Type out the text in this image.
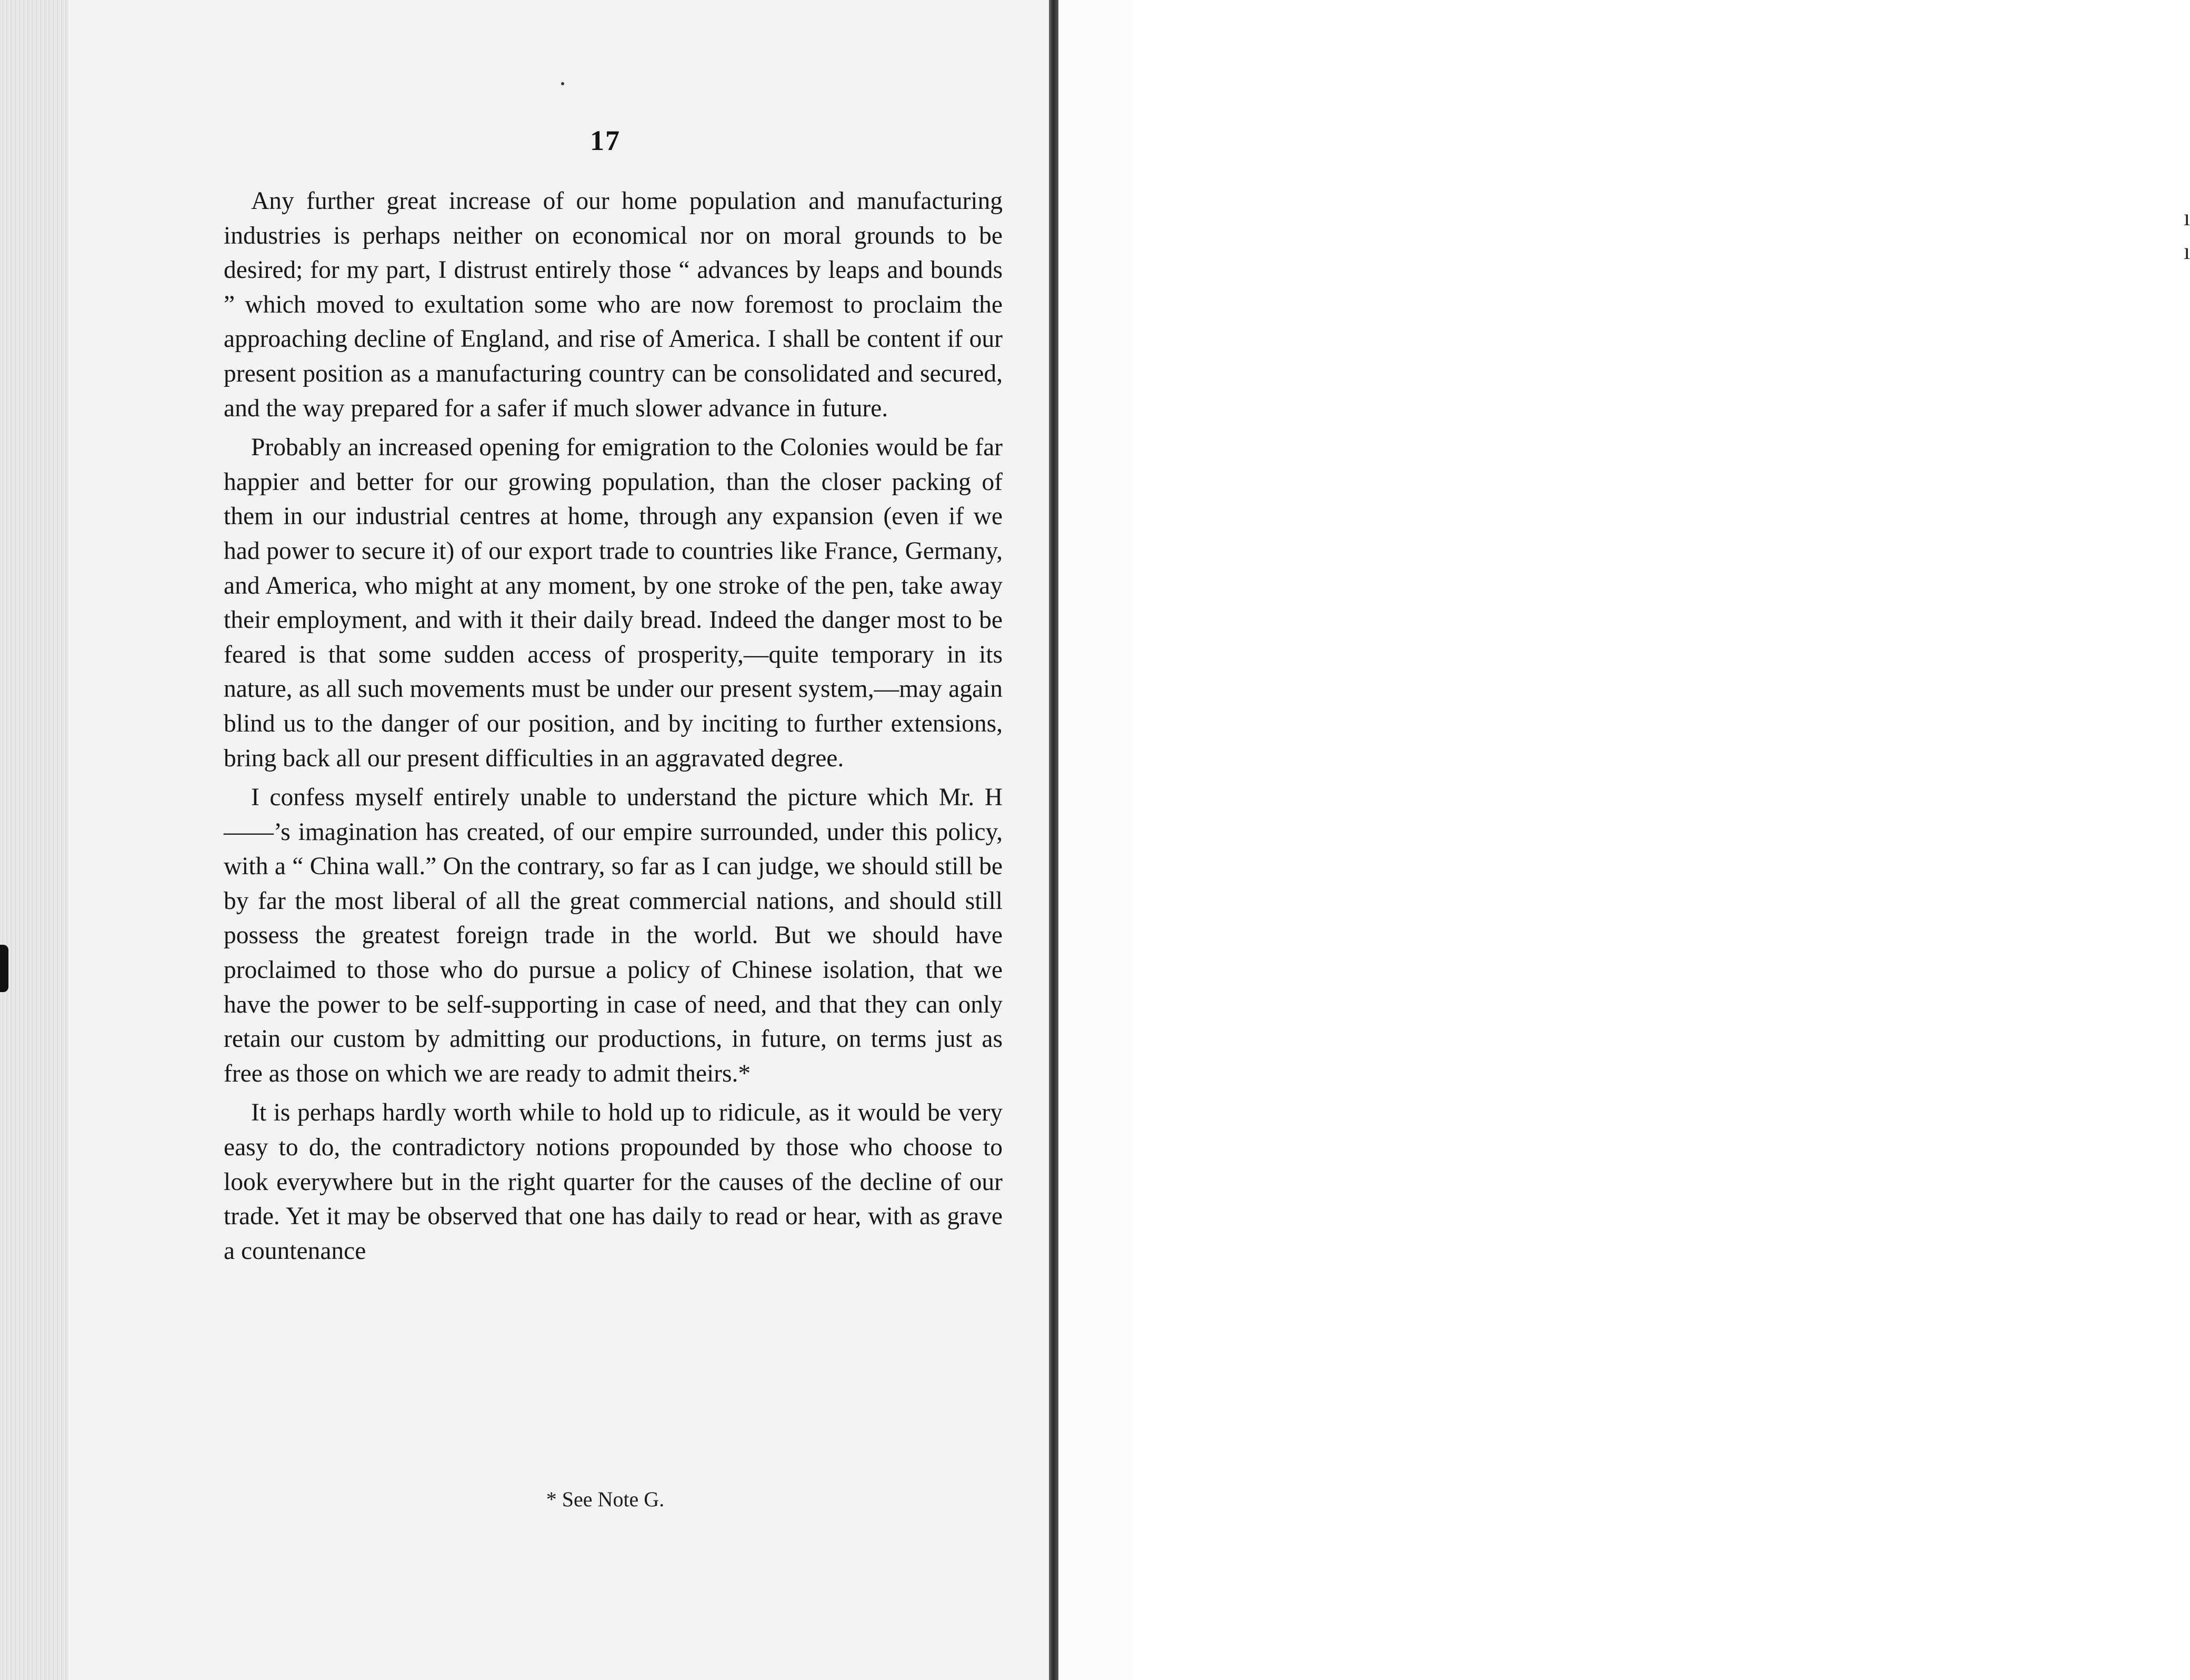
ı
ı
17

Any further great increase of our home population and manufacturing industries is perhaps neither on economical nor on moral grounds to be desired; for my part, I distrust entirely those “ advances by leaps and bounds ” which moved to exultation some who are now foremost to proclaim the approaching decline of England, and rise of America. I shall be content if our present position as a manufacturing country can be consolidated and secured, and the way prepared for a safer if much slower advance in future.

Probably an increased opening for emigration to the Colonies would be far happier and better for our growing population, than the closer packing of them in our industrial centres at home, through any expansion (even if we had power to secure it) of our export trade to countries like France, Germany, and America, who might at any moment, by one stroke of the pen, take away their employment, and with it their daily bread. Indeed the danger most to be feared is that some sudden access of prosperity,—quite temporary in its nature, as all such movements must be under our present system,—may again blind us to the danger of our position, and by inciting to further extensions, bring back all our present difficulties in an aggravated degree.

I confess myself entirely unable to understand the picture which Mr. H——’s imagination has created, of our empire surrounded, under this policy, with a “ China wall.” On the contrary, so far as I can judge, we should still be by far the most liberal of all the great commercial nations, and should still possess the greatest foreign trade in the world. But we should have proclaimed to those who do pursue a policy of Chinese isolation, that we have the power to be self-supporting in case of need, and that they can only retain our custom by admitting our productions, in future, on terms just as free as those on which we are ready to admit theirs.*

It is perhaps hardly worth while to hold up to ridicule, as it would be very easy to do, the contradictory notions propounded by those who choose to look everywhere but in the right quarter for the causes of the decline of our trade. Yet it may be observed that one has daily to read or hear, with as grave a countenance

* See Note G.
